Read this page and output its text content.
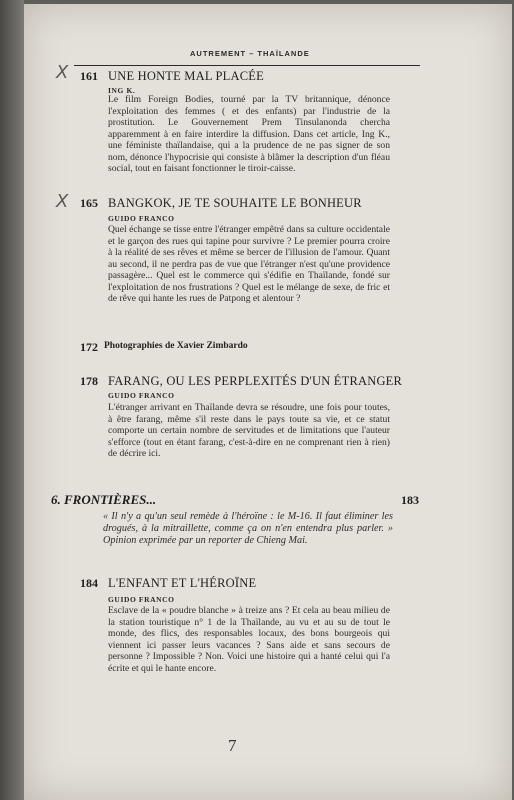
AUTREMENT – THAÏLANDE
X 161 UNE HONTE MAL PLACÉE
ING K.
Le film Foreign Bodies, tourné par la TV britannique, dénonce l'exploitation des femmes ( et des enfants) par l'industrie de la prostitution. Le Gouvernement Prem Tinsulanonda chercha apparemment à en faire interdire la diffusion. Dans cet article, Ing K., une féministe thaïlandaise, qui a la prudence de ne pas signer de son nom, dénonce l'hypocrisie qui consiste à blâmer la description d'un fléau social, tout en faisant fonctionner le tiroir-caisse.
X 165 BANGKOK, JE TE SOUHAITE LE BONHEUR
GUIDO FRANCO
Quel échange se tisse entre l'étranger empêtré dans sa culture occidentale et le garçon des rues qui tapine pour survivre ? Le premier pourra croire à la réalité de ses rêves et même se bercer de l'illusion de l'amour. Quant au second, il ne perdra pas de vue que l'étranger n'est qu'une providence passagère... Quel est le commerce qui s'édifie en Thaïlande, fondé sur l'exploitation de nos frustrations ? Quel est le mélange de sexe, de fric et de rêve qui hante les rues de Patpong et alentour ?
172 Photographies de Xavier Zimbardo
178 FARANG, OU LES PERPLEXITÉS D'UN ÉTRANGER
GUIDO FRANCO
L'étranger arrivant en Thaïlande devra se résoudre, une fois pour toutes, à être farang, même s'il reste dans le pays toute sa vie, et ce statut comporte un certain nombre de servitudes et de limitations que l'auteur s'efforce (tout en étant farang, c'est-à-dire en ne comprenant rien à rien) de décrire ici.
6. FRONTIÈRES...	183
« Il n'y a qu'un seul remède à l'héroïne : le M-16. Il faut éliminer les drogués, à la mitraillette, comme ça on n'en entendra plus parler. » Opinion exprimée par un reporter de Chieng Mai.
184 L'ENFANT ET L'HÉROÏNE
GUIDO FRANCO
Esclave de la « poudre blanche » à treize ans ? Et cela au beau milieu de la station touristique n° 1 de la Thaïlande, au vu et au su de tout le monde, des flics, des responsables locaux, des bons bourgeois qui viennent ici passer leurs vacances ? Sans aide et sans secours de personne ? Impossible ? Non. Voici une histoire qui a hanté celui qui l'a écrite et qui le hante encore.
7
